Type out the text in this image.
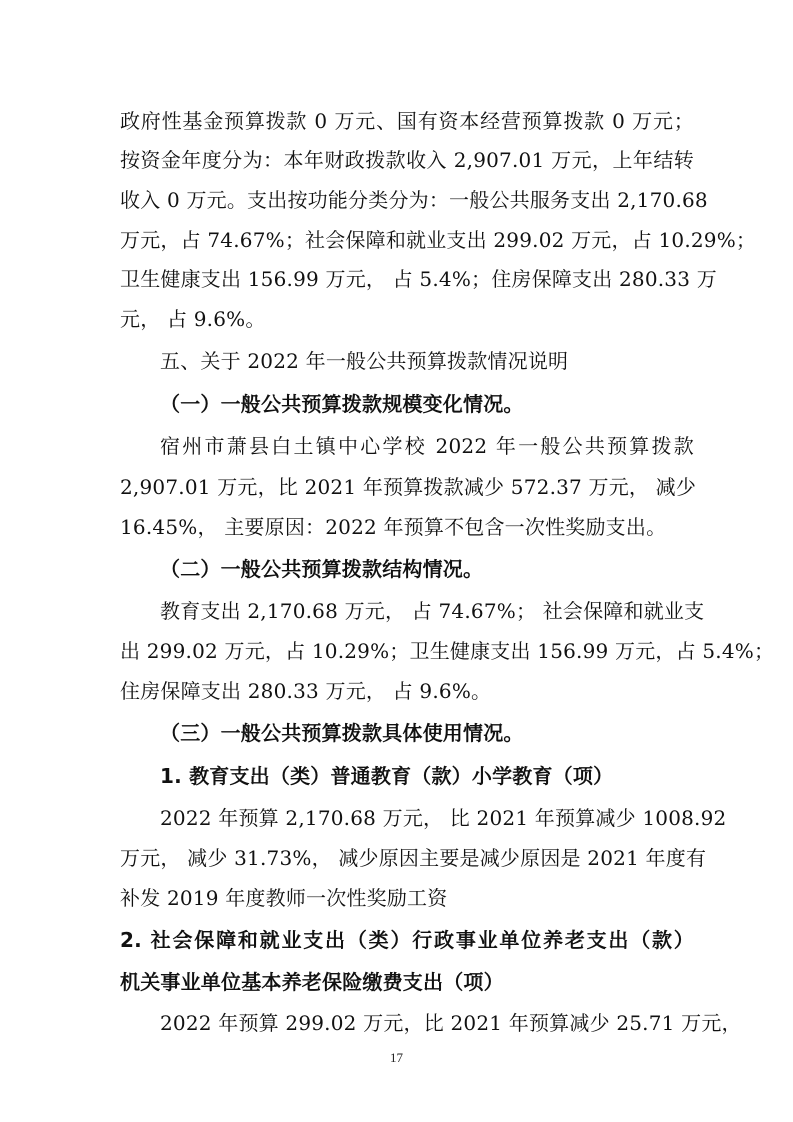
政府性基金预算拨款 0 万元、国有资本经营预算拨款 0 万元；
按资金年度分为：本年财政拨款收入 2,907.01 万元，上年结转
收入 0 万元。支出按功能分类分为：一般公共服务支出 2,170.68
万元，占 74.67%；社会保障和就业支出 299.02 万元，占 10.29%；
卫生健康支出 156.99 万元， 占 5.4%；住房保障支出 280.33 万
元， 占 9.6%。
五、关于 2022 年一般公共预算拨款情况说明
（一）一般公共预算拨款规模变化情况。
宿州市萧县白土镇中心学校 2022 年一般公共预算拨款
2,907.01 万元，比 2021 年预算拨款减少 572.37 万元， 减少
16.45%， 主要原因：2022 年预算不包含一次性奖励支出。
（二）一般公共预算拨款结构情况。
教育支出 2,170.68 万元， 占 74.67%； 社会保障和就业支
出 299.02 万元，占 10.29%；卫生健康支出 156.99 万元，占 5.4%；
住房保障支出 280.33 万元， 占 9.6%。
（三）一般公共预算拨款具体使用情况。
1. 教育支出（类）普通教育（款）小学教育（项）
2022 年预算 2,170.68 万元， 比 2021 年预算减少 1008.92
万元， 减少 31.73%， 减少原因主要是减少原因是 2021 年度有
补发 2019 年度教师一次性奖励工资
2. 社会保障和就业支出（类）行政事业单位养老支出（款）
机关事业单位基本养老保险缴费支出（项）
2022 年预算 299.02 万元，比 2021 年预算减少 25.71 万元，
17
